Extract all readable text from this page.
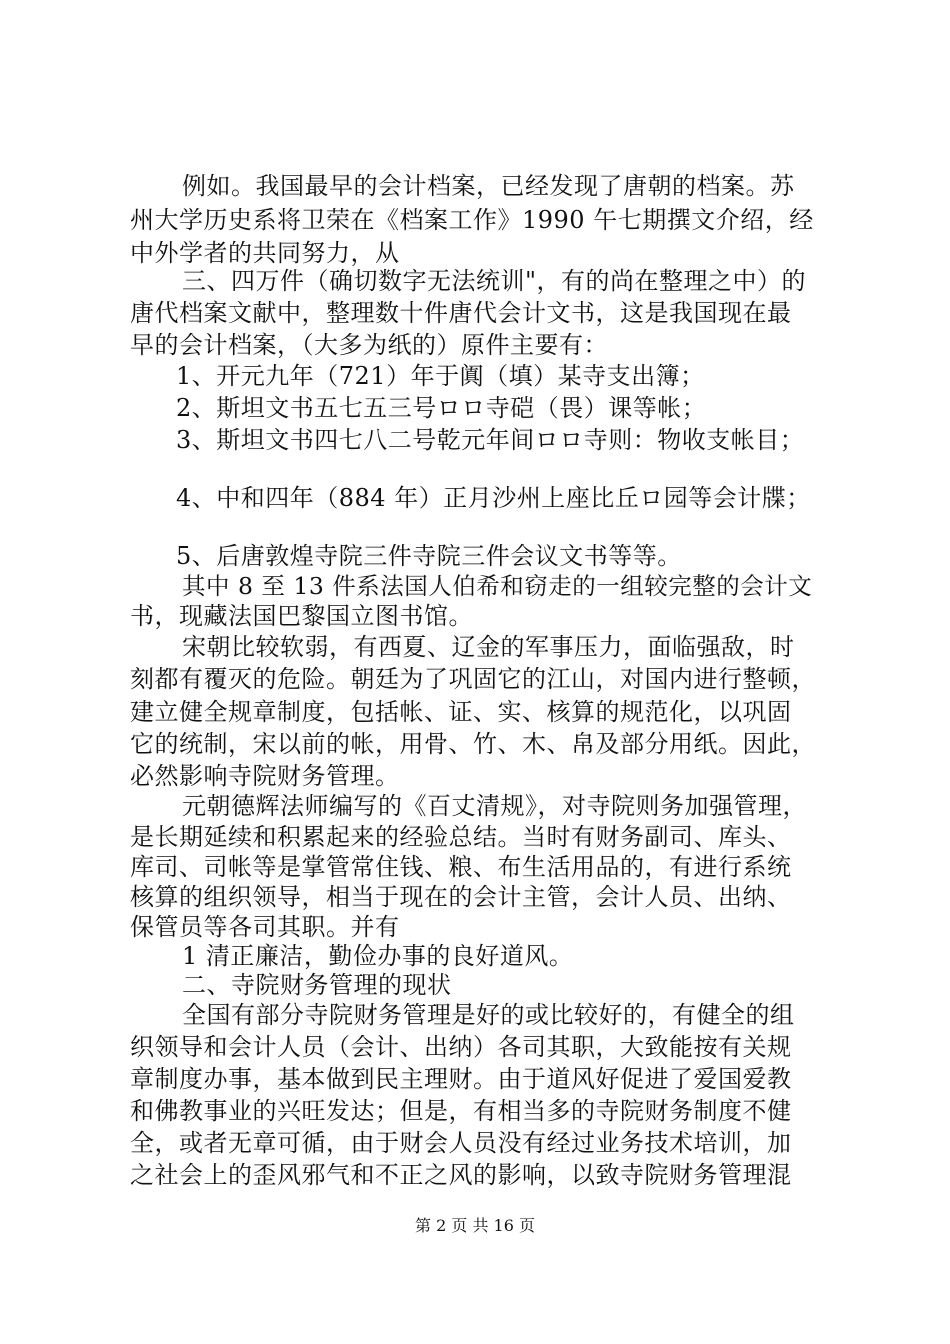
例如。我国最早的会计档案，已经发现了唐朝的档案。苏
州大学历史系将卫荣在《档案工作》1990 午七期撰文介绍，经
中外学者的共同努力，从
三、四万件（确切数字无法统训"，有的尚在整理之中）的
唐代档案文献中，整理数十件唐代会计文书，这是我国现在最
早的会计档案，（大多为纸的）原件主要有：
1、开元九年（721）年于阗（填）某寺支出簿；
2、斯坦文书五七五三号ロロ寺硙（畏）课等帐；
3、斯坦文书四七八二号乾元年间ロロ寺则：物收支帐目；
4、中和四年（884 年）正月沙州上座比丘ロ园等会计牒；
5、后唐敦煌寺院三件寺院三件会议文书等等。
其中 8 至 13 件系法国人伯希和窃走的一组较完整的会计文
书，现藏法国巴黎国立图书馆。
宋朝比较软弱，有西夏、辽金的军事压力，面临强敌，时
刻都有覆灭的危险。朝廷为了巩固它的江山，对国内进行整顿，
建立健全规章制度，包括帐、证、实、核算的规范化，以巩固
它的统制，宋以前的帐，用骨、竹、木、帛及部分用纸。因此，
必然影响寺院财务管理。
元朝德辉法师编写的《百丈清规》，对寺院则务加强管理，
是长期延续和积累起来的经验总结。当时有财务副司、库头、
库司、司帐等是掌管常住钱、粮、布生活用品的，有进行系统
核算的组织领导，相当于现在的会计主管，会计人员、出纳、
保管员等各司其职。并有
1 清正廉洁，勤俭办事的良好道风。
二、寺院财务管理的现状
全国有部分寺院财务管理是好的或比较好的，有健全的组
织领导和会计人员（会计、出纳）各司其职，大致能按有关规
章制度办事，基本做到民主理财。由于道风好促进了爱国爱教
和佛教事业的兴旺发达；但是，有相当多的寺院财务制度不健
全，或者无章可循，由于财会人员没有经过业务技术培训，加
之社会上的歪风邪气和不正之风的影响，以致寺院财务管理混
第 2 页 共 16 页
